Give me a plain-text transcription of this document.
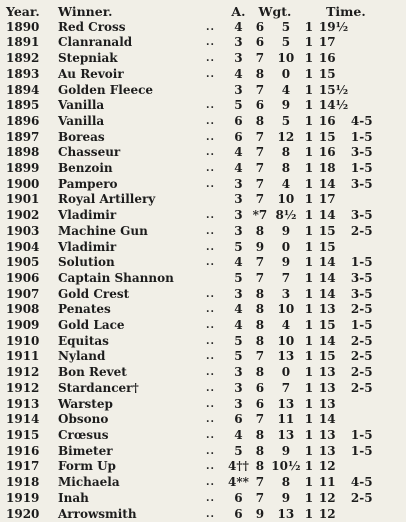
Year.	Winner.		A.	Wgt.		Time.		
1890	Red Cross	..	4	6	5	1	19½	
1891	Clanranald	..	3	6	5	1	17	
1892	Stepniak	..	3	7	10	1	16	
1893	Au Revoir	..	4	8	0	1	15	
1894	Golden Fleece		3	7	4	1	15½	
1895	Vanilla	..	5	6	9	1	14½	
1896	Vanilla	..	6	8	5	1	16	4-5
1897	Boreas	..	6	7	12	1	15	1-5
1898	Chasseur	..	4	7	8	1	16	3-5
1899	Benzoin	..	4	7	8	1	18	1-5
1900	Pampero	..	3	7	4	1	14	3-5
1901	Royal Artillery		3	7	10	1	17	
1902	Vladimir	..	3	*7	8½	1	14	3-5
1903	Machine Gun	..	3	8	9	1	15	2-5
1904	Vladimir	..	5	9	0	1	15	
1905	Solution	..	4	7	9	1	14	1-5
1906	Captain Shannon		5	7	7	1	14	3-5
1907	Gold Crest	..	3	8	3	1	14	3-5
1908	Penates	..	4	8	10	1	13	2-5
1909	Gold Lace	..	4	8	4	1	15	1-5
1910	Equitas	..	5	8	10	1	14	2-5
1911	Nyland	..	5	7	13	1	15	2-5
1912	Bon Revet	..	3	8	0	1	13	2-5
1912	Stardancer†	..	3	6	7	1	13	2-5
1913	Warstep	..	3	6	13	1	13	
1914	Obsono	..	6	7	11	1	14	
1915	Crœsus	..	4	8	13	1	13	1-5
1916	Bimeter	..	5	8	9	1	13	1-5
1917	Form Up	..	4††	8	10½	1	12	
1918	Michaela	..	4**	7	8	1	11	4-5
1919	Inah	..	6	7	9	1	12	2-5
1920	Arrowsmith	..	6	9	13	1	12	
